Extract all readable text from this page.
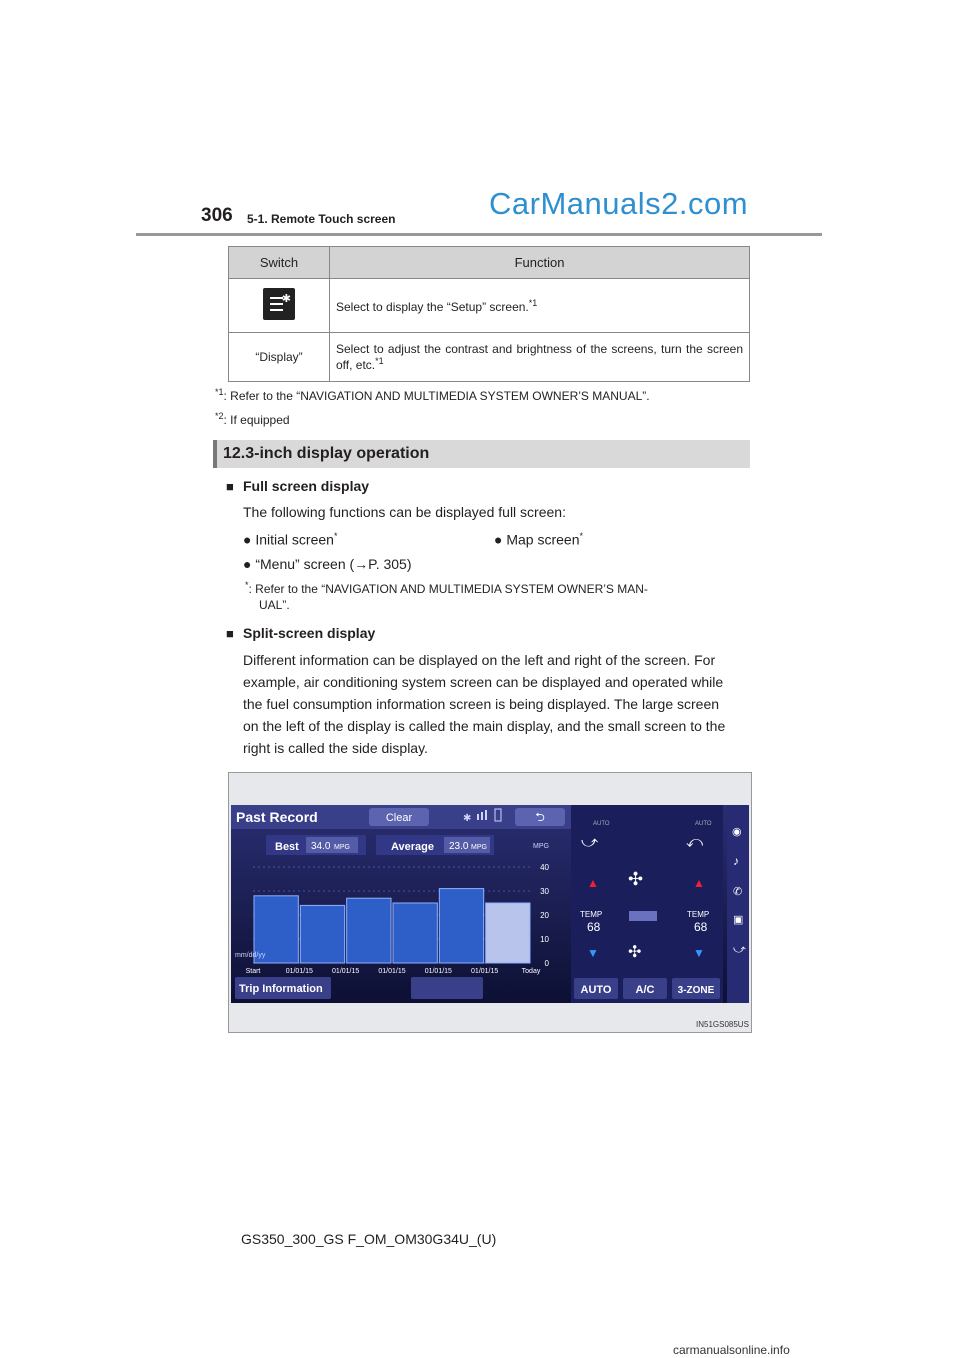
306 5-1. Remote Touch screen	CarManuals2.com
Switch	Function

✱	Select to display the “Setup” screen.$^{*1}$
“Display”	Select to adjust the contrast and brightness of the screens, turn the screen off, etc.$^{*1}$
$^{*1}$: Refer to the “NAVIGATION AND MULTIMEDIA SYSTEM OWNER’S MANUAL”.
$^{*2}$: If equipped
12.3-inch display operation
■ Full screen display
The following functions can be displayed full screen:
● Initial screen*	● Map screen*
● “Menu” screen (→P. 305)
*: Refer to the “NAVIGATION AND MULTIMEDIA SYSTEM OWNER’S MAN-
UAL”.
■ Split-screen display
Different information can be displayed on the left and right of the screen. For
example, air conditioning system screen can be displayed and operated while
the fuel consumption information screen is being displayed. The large screen
on the left of the display is called the main display, and the small screen to the
right is called the side display.
Past Record	Clear	✱	⮌
Best 34.0 MPG	Average 23.0 MPG	MPG
40
30
20
10
0
Start	01/01/15	01/01/15	01/01/15	01/01/15	01/01/15	Today
mm/dd/yy
Trip Information
AUTO	AUTO
⤻	⤺
✣
✣
▲	▲
TEMP
68
TEMP
68
▼	▼
AUTO A/C 3-ZONE
◉
♪
✆
▣
⤻
IN51GS085US
GS350_300_GS F_OM_OM30G34U_(U)
carmanualsonline.info
